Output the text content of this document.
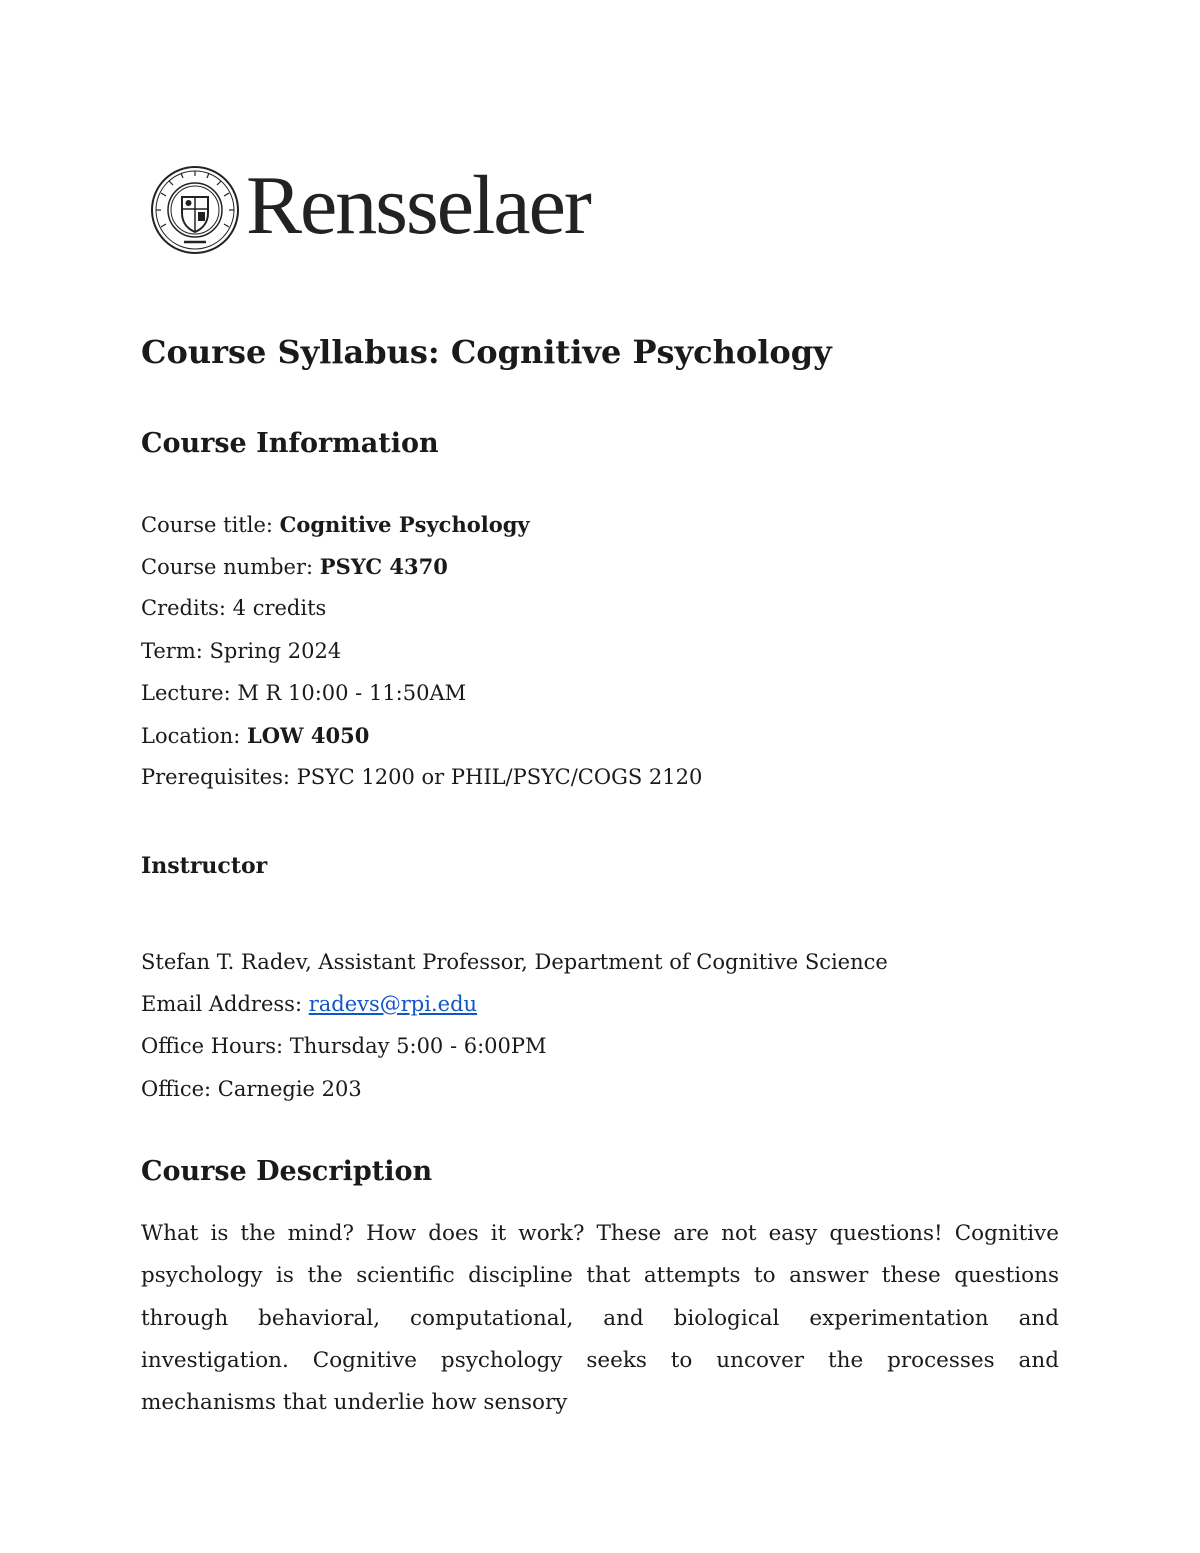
Rensselaer
Course Syllabus: Cognitive Psychology
Course Information
Course title: Cognitive Psychology
Course number: PSYC 4370
Credits: 4 credits
Term: Spring 2024
Lecture: M R 10:00 - 11:50AM
Location: LOW 4050
Prerequisites: PSYC 1200 or PHIL/PSYC/COGS 2120
Instructor
Stefan T. Radev, Assistant Professor, Department of Cognitive Science
Email Address: radevs@rpi.edu
Office Hours: Thursday 5:00 - 6:00PM
Office: Carnegie 203
Course Description

What is the mind? How does it work? These are not easy questions! Cognitive psychology is the scientific discipline that attempts to answer these questions through behavioral, computational, and biological experimentation and investigation. Cognitive psychology seeks to uncover the processes and mechanisms that underlie how sensory
